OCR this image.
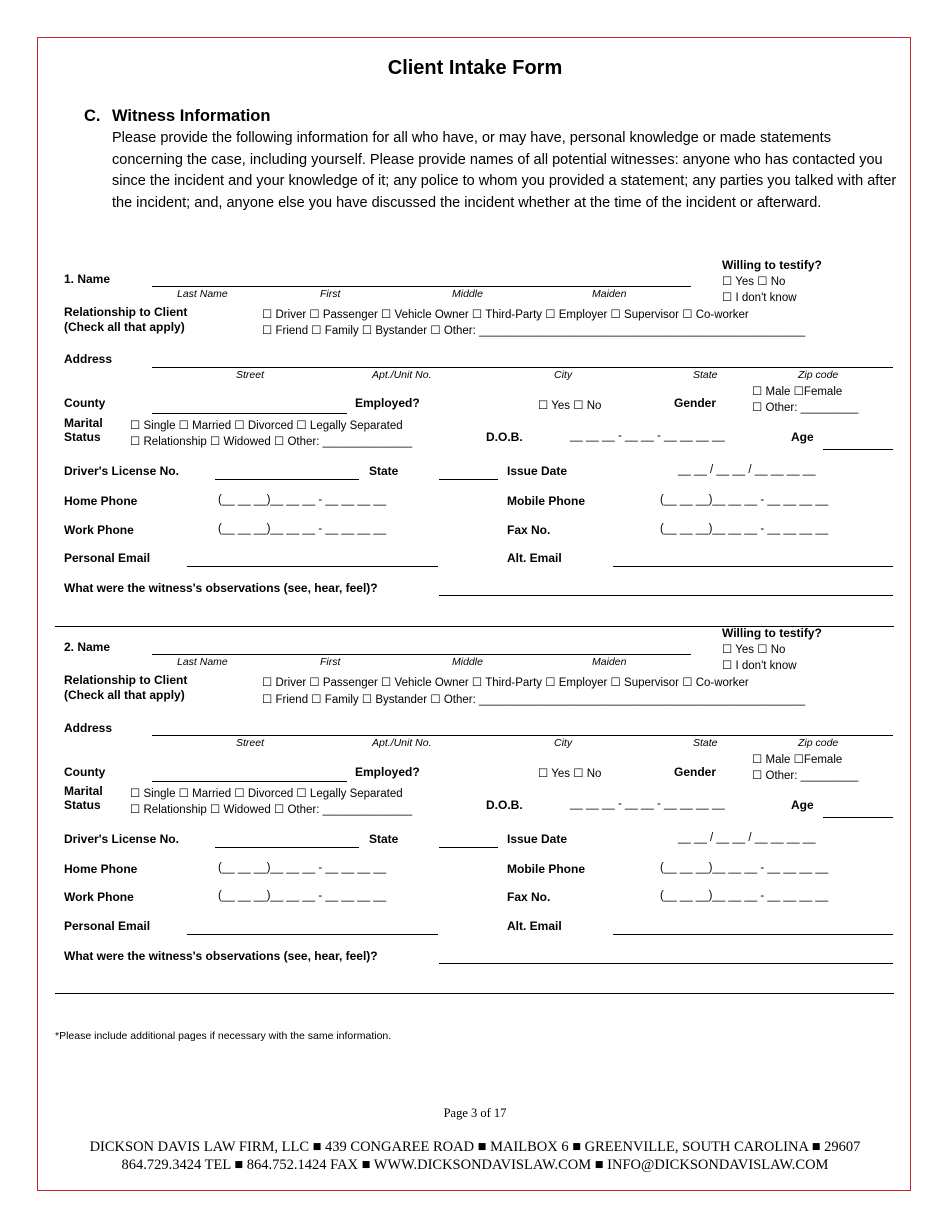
Client Intake Form
C. Witness Information
Please provide the following information for all who have, or may have, personal knowledge or made statements concerning the case, including yourself. Please provide names of all potential witnesses: anyone who has contacted you since the incident and your knowledge of it; any police to whom you provided a statement; any parties you talked with after the incident; and, anyone else you have discussed the incident whether at the time of the incident or afterward.
1. Name
Last Name	First	Middle	Maiden
Willing to testify?
☐ Yes ☐ No
☐ I don't know
Relationship to Client
(Check all that apply)
☐ Driver ☐ Passenger ☐ Vehicle Owner ☐ Third-Party ☐ Employer ☐ Supervisor ☐ Co-worker
☐ Friend ☐ Family ☐ Bystander ☐ Other: ___________________________________________________
Address
Street	Apt./Unit No.	City	State	Zip code
County	Employed?	☐ Yes ☐ No	Gender
☐ Male ☐Female
☐ Other: _________
Marital
Status
☐ Single ☐ Married ☐ Divorced ☐ Legally Separated
☐ Relationship ☐ Widowed ☐ Other: ______________	D.O.B.	__ __ __ - __ __ - __ __ __ __	Age
Driver's License No.	State	Issue Date	__ __ / __ __ / __ __ __ __
Home Phone	(__ __ __)__ __ __ - __ __ __ __	Mobile Phone	(__ __ __)__ __ __ - __ __ __ __
Work Phone	(__ __ __)__ __ __ - __ __ __ __	Fax No.	(__ __ __)__ __ __ - __ __ __ __
Personal Email	Alt. Email
What were the witness's observations (see, hear, feel)?
2. Name
Last Name	First	Middle	Maiden
Willing to testify?
☐ Yes ☐ No
☐ I don't know
Relationship to Client
(Check all that apply)
☐ Driver ☐ Passenger ☐ Vehicle Owner ☐ Third-Party ☐ Employer ☐ Supervisor ☐ Co-worker
☐ Friend ☐ Family ☐ Bystander ☐ Other: ___________________________________________________
Address
Street	Apt./Unit No.	City	State	Zip code
County	Employed?	☐ Yes ☐ No	Gender
☐ Male ☐Female
☐ Other: _________
Marital
Status
☐ Single ☐ Married ☐ Divorced ☐ Legally Separated
☐ Relationship ☐ Widowed ☐ Other: ______________	D.O.B.	__ __ __ - __ __ - __ __ __ __	Age
Driver's License No.	State	Issue Date	__ __ / __ __ / __ __ __ __
Home Phone	(__ __ __)__ __ __ - __ __ __ __	Mobile Phone	(__ __ __)__ __ __ - __ __ __ __
Work Phone	(__ __ __)__ __ __ - __ __ __ __	Fax No.	(__ __ __)__ __ __ - __ __ __ __
Personal Email	Alt. Email
What were the witness's observations (see, hear, feel)?
*Please include additional pages if necessary with the same information.
Page 3 of 17
DICKSON DAVIS LAW FIRM, LLC ■ 439 CONGAREE ROAD ■ MAILBOX 6 ■ GREENVILLE, SOUTH CAROLINA ■ 29607
864.729.3424 TEL ■ 864.752.1424 FAX ■ WWW.DICKSONDAVISLAW.COM ■ INFO@DICKSONDAVISLAW.COM
